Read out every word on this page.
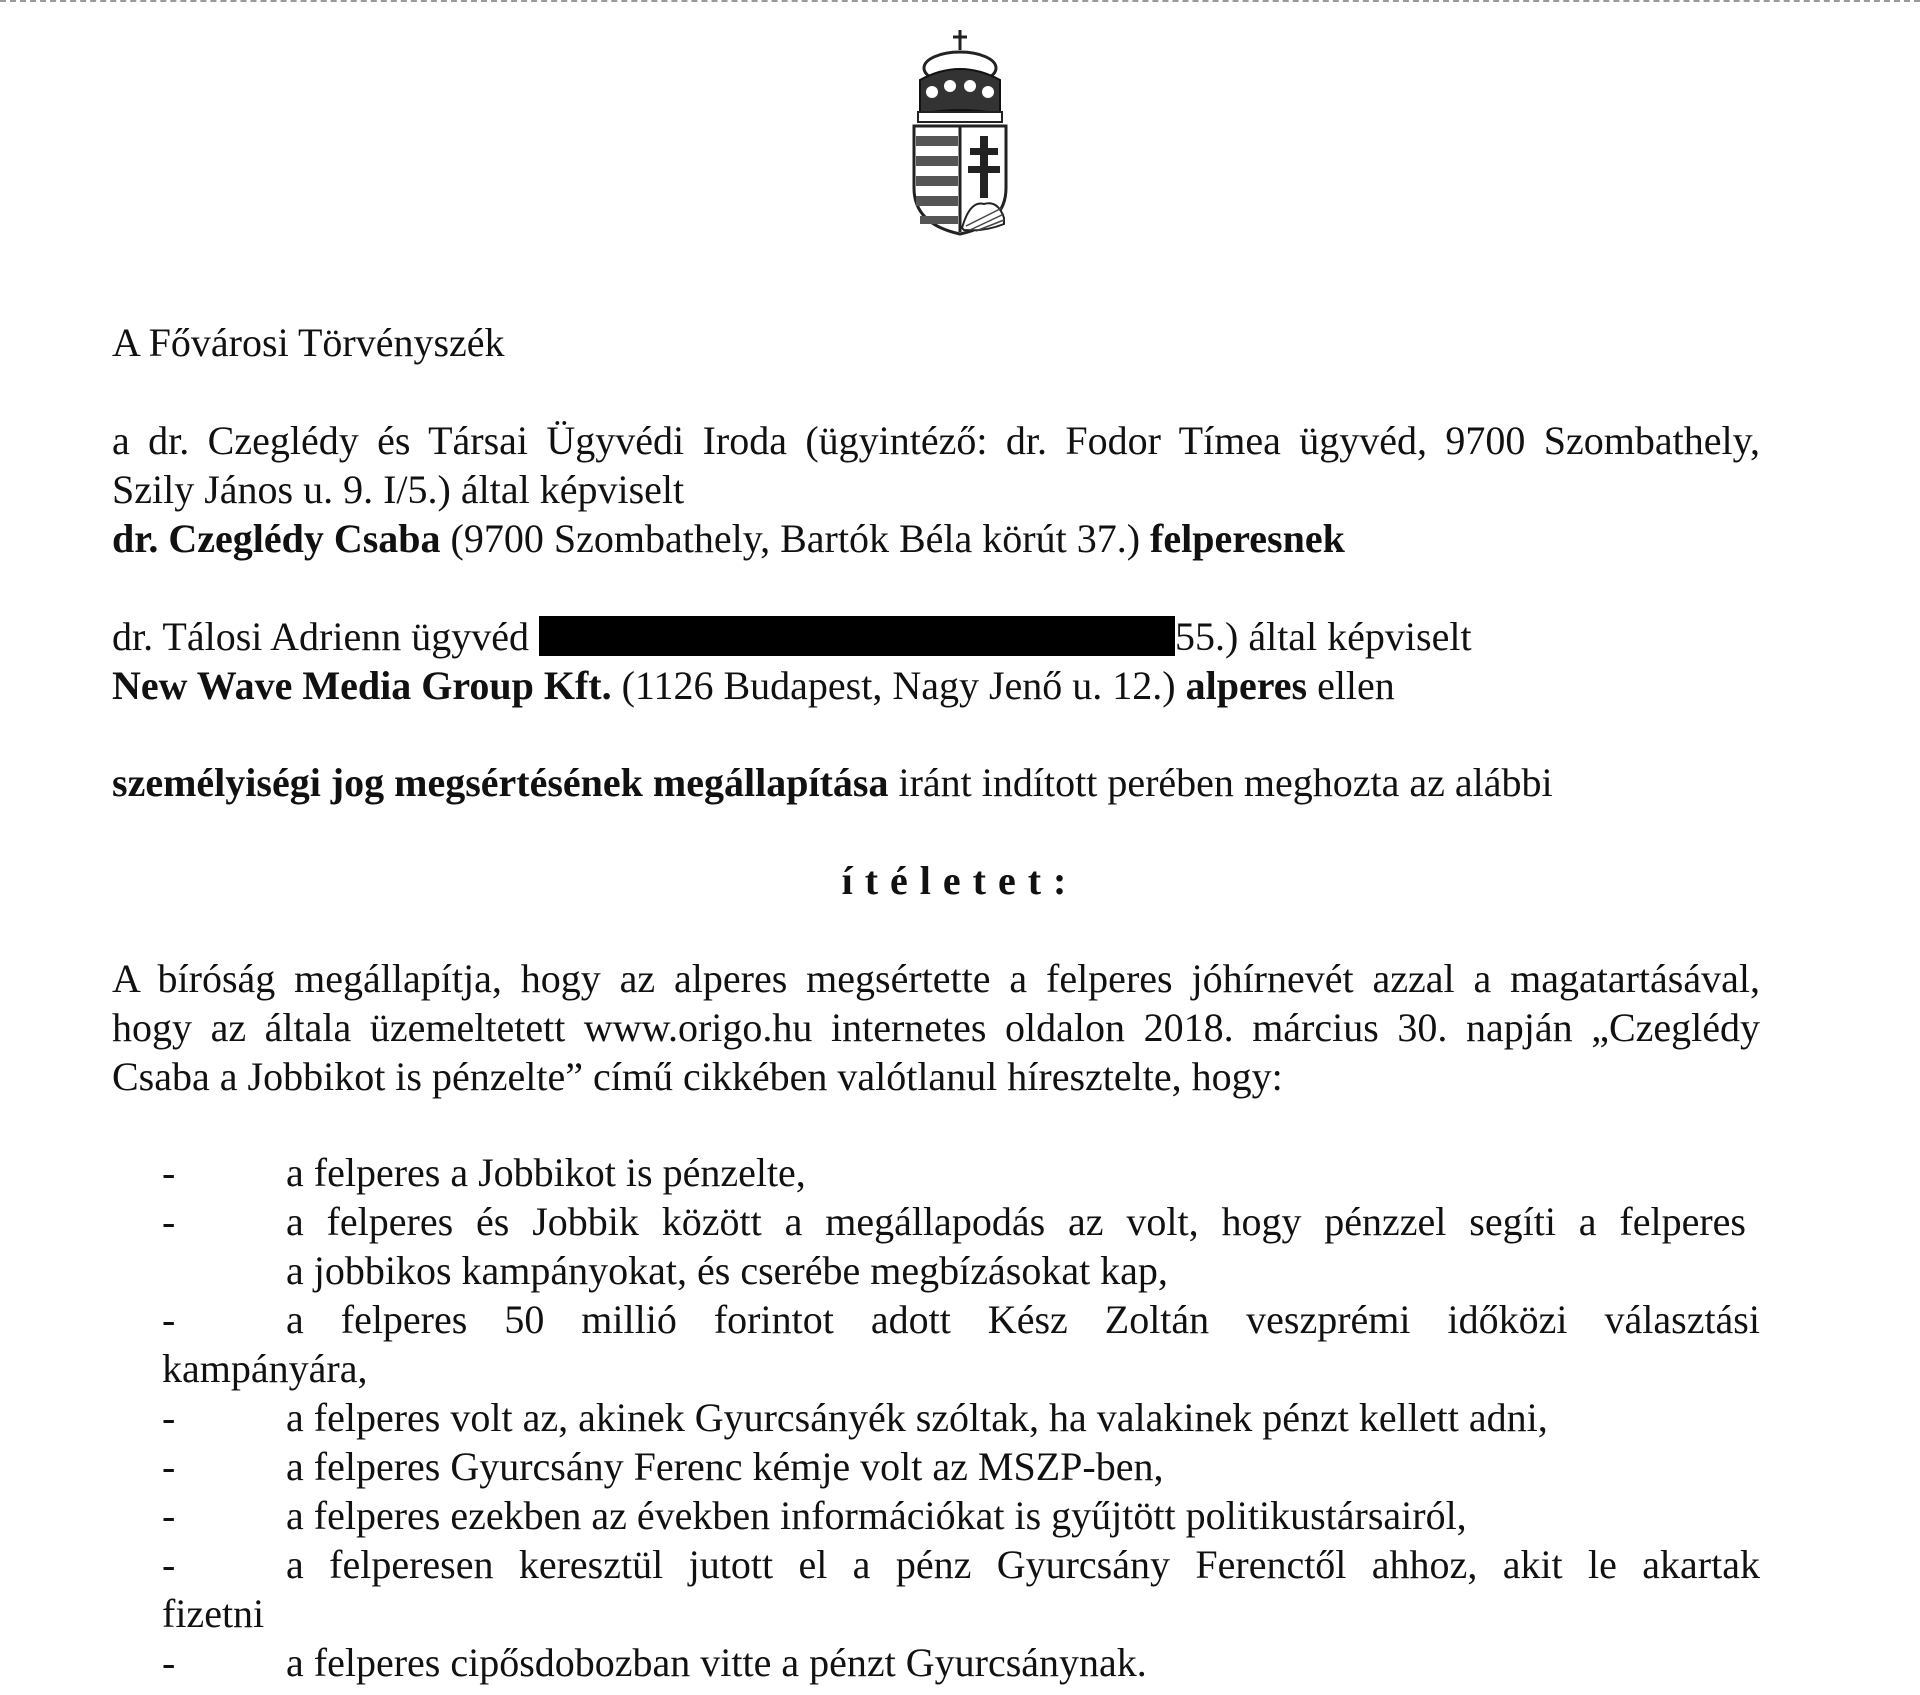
A Fővárosi Törvényszék

a dr. Czeglédy és Társai Ügyvédi Iroda (ügyintéző: dr. Fodor Tímea ügyvéd, 9700 Szombathely,

Szily János u. 9. I/5.) által képviselt

dr. Czeglédy Csaba (9700 Szombathely, Bartók Béla körút 37.) felperesnek

dr. Tálosi Adrienn ügyvéd	55.) által képviselt

New Wave Media Group Kft. (1126 Budapest, Nagy Jenő u. 12.) alperes ellen

személyiségi jog megsértésének megállapítása iránt indított perében meghozta az alábbi

ítéletet:

A bíróság megállapítja, hogy az alperes megsértette a felperes jóhírnevét azzal a magatartásával,

hogy az általa üzemeltetett www.origo.hu internetes oldalon 2018. március 30. napján „Czeglédy

Csaba a Jobbikot is pénzelte” című cikkében valótlanul híresztelte, hogy:

-	a felperes a Jobbikot is pénzelte,
-	a felperes és Jobbik között a megállapodás az volt, hogy pénzzel segíti a felperes
a jobbikos kampányokat, és cserébe megbízásokat kap,
-	a felperes 50 millió forintot adott Kész Zoltán veszprémi időközi választási
kampányára,
-	a felperes volt az, akinek Gyurcsányék szóltak, ha valakinek pénzt kellett adni,
-	a felperes Gyurcsány Ferenc kémje volt az MSZP-ben,
-	a felperes ezekben az években információkat is gyűjtött politikustársairól,
-	a felperesen keresztül jutott el a pénz Gyurcsány Ferenctől ahhoz, akit le akartak
fizetni
-	a felperes cipősdobozban vitte a pénzt Gyurcsánynak.
